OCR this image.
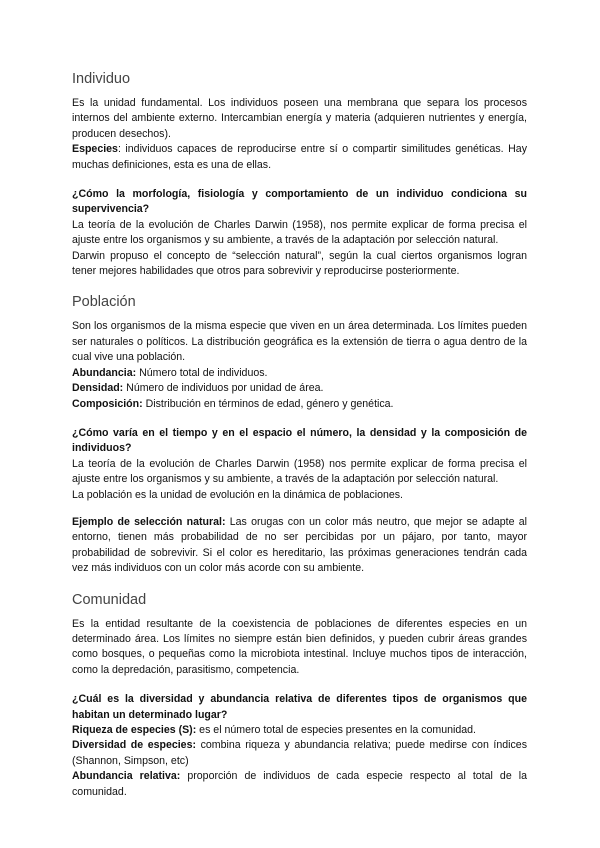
Individuo

Es la unidad fundamental. Los individuos poseen una membrana que separa los procesos internos del ambiente externo. Intercambian energía y materia (adquieren nutrientes y energía, producen desechos).

Especies: individuos capaces de reproducirse entre sí o compartir similitudes genéticas. Hay muchas definiciones, esta es una de ellas.

¿Cómo la morfología, fisiología y comportamiento de un individuo condiciona su supervivencia?

La teoría de la evolución de Charles Darwin (1958), nos permite explicar de forma precisa el ajuste entre los organismos y su ambiente, a través de la adaptación por selección natural.

Darwin propuso el concepto de “selección natural”, según la cual ciertos organismos logran tener mejores habilidades que otros para sobrevivir y reproducirse posteriormente.

Población

Son los organismos de la misma especie que viven en un área determinada. Los límites pueden ser naturales o políticos. La distribución geográfica es la extensión de tierra o agua dentro de la cual vive una población.

Abundancia: Número total de individuos.

Densidad: Número de individuos por unidad de área.

Composición: Distribución en términos de edad, género y genética.

¿Cómo varía en el tiempo y en el espacio el número, la densidad y la composición de individuos?

La teoría de la evolución de Charles Darwin (1958) nos permite explicar de forma precisa el ajuste entre los organismos y su ambiente, a través de la adaptación por selección natural.

La población es la unidad de evolución en la dinámica de poblaciones.

Ejemplo de selección natural: Las orugas con un color más neutro, que mejor se adapte al entorno, tienen más probabilidad de no ser percibidas por un pájaro, por tanto, mayor probabilidad de sobrevivir. Si el color es hereditario, las próximas generaciones tendrán cada vez más individuos con un color más acorde con su ambiente.

Comunidad

Es la entidad resultante de la coexistencia de poblaciones de diferentes especies en un determinado área. Los límites no siempre están bien definidos, y pueden cubrir áreas grandes como bosques, o pequeñas como la microbiota intestinal. Incluye muchos tipos de interacción, como la depredación, parasitismo, competencia.

¿Cuál es la diversidad y abundancia relativa de diferentes tipos de organismos que habitan un determinado lugar?

Riqueza de especies (S): es el número total de especies presentes en la comunidad.

Diversidad de especies: combina riqueza y abundancia relativa; puede medirse con índices (Shannon, Simpson, etc)

Abundancia relativa: proporción de individuos de cada especie respecto al total de la comunidad.
